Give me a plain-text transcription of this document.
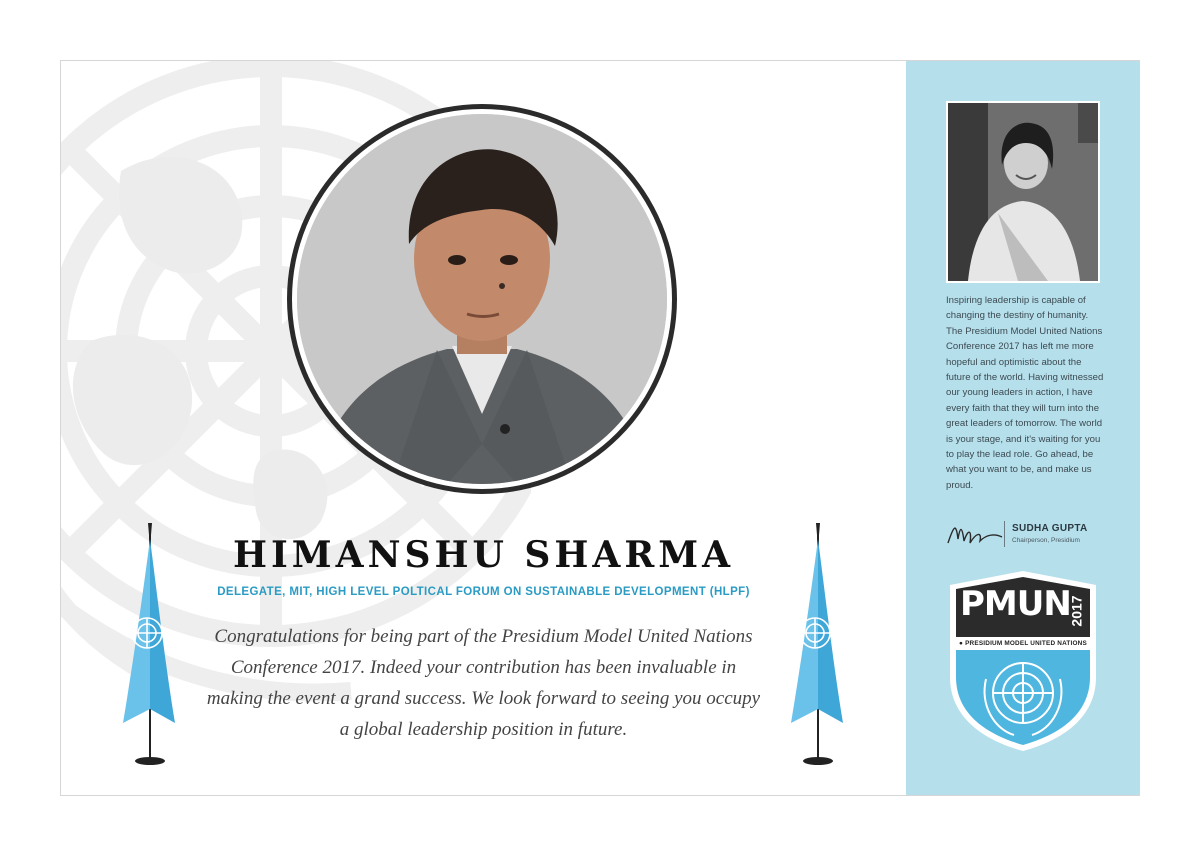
HIMANSHU SHARMA
DELEGATE, MIT, HIGH LEVEL POLTICAL FORUM ON SUSTAINABLE DEVELOPMENT (HLPF)
Congratulations for being part of the Presidium Model United Nations Conference 2017. Indeed your contribution has been invaluable in making the event a grand success. We look forward to seeing you occupy a global leadership position in future.
Inspiring leadership is capable of changing the destiny of humanity. The Presidium Model United Nations Conference 2017 has left me more hopeful and optimistic about the future of the world. Having witnessed our young leaders in action, I have every faith that they will turn into the great leaders of tomorrow. The world is your stage, and it's waiting for you to play the lead role. Go ahead, be what you want to be, and make us proud.
SUDHA GUPTA
Chairperson, Presidium
PMUN
2017
● PRESIDIUM MODEL UNITED NATIONS
